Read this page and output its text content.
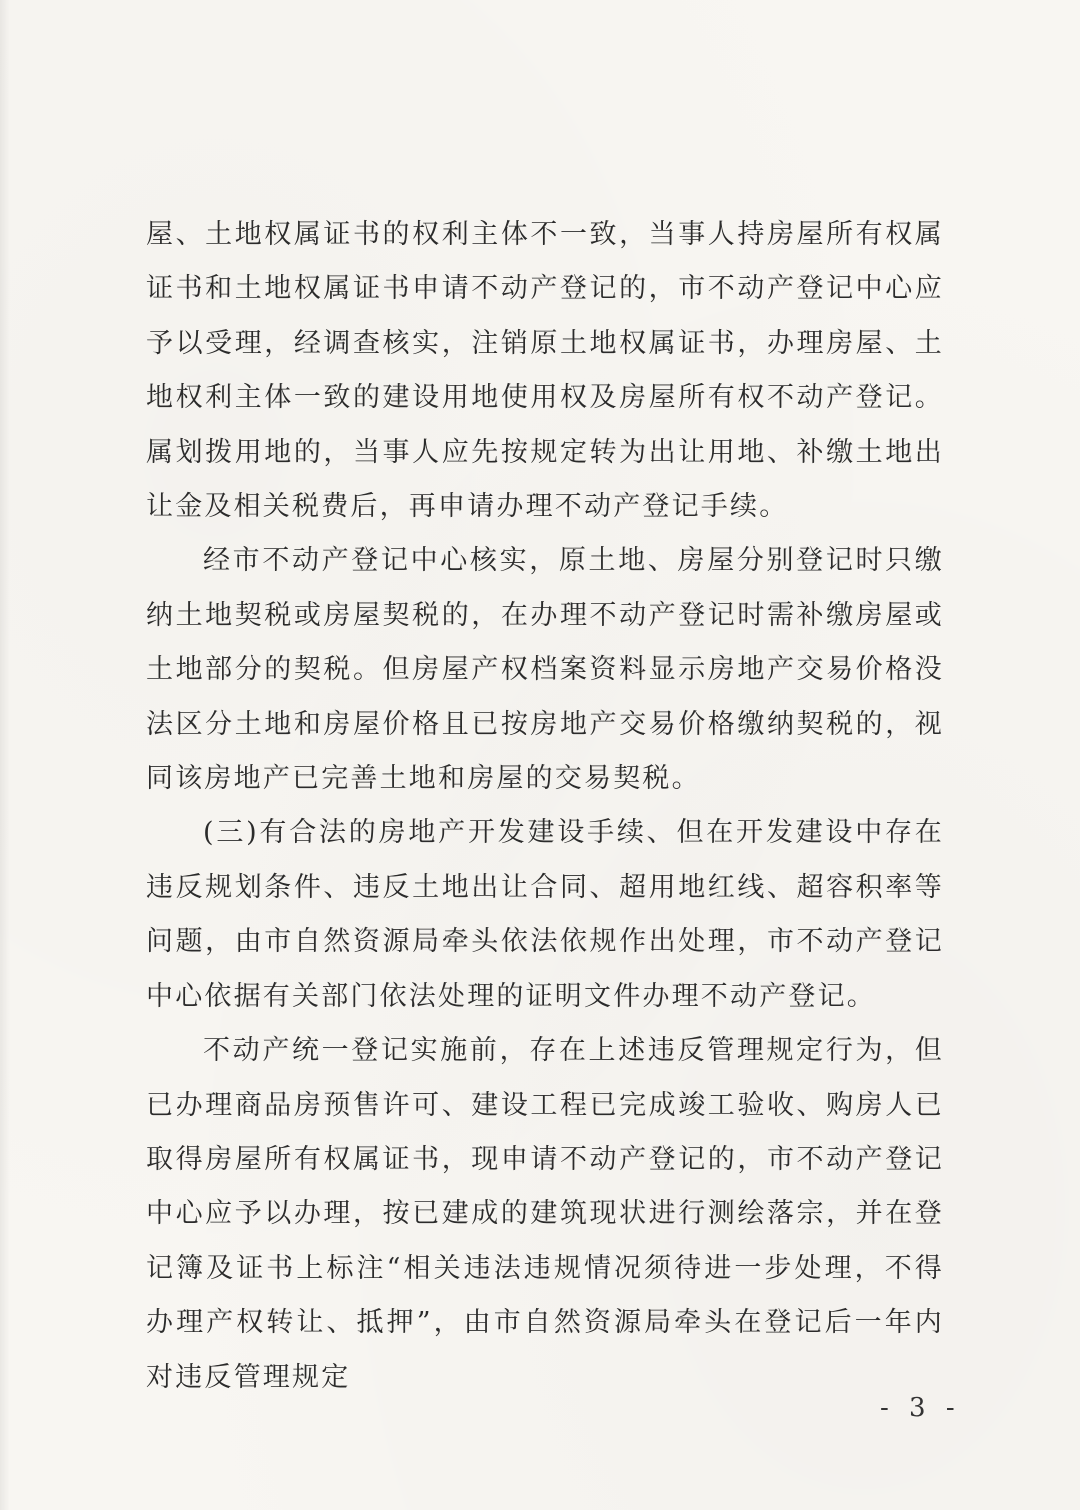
屋、土地权属证书的权利主体不一致，当事人持房屋所有权属证书和土地权属证书申请不动产登记的，市不动产登记中心应予以受理，经调查核实，注销原土地权属证书，办理房屋、土地权利主体一致的建设用地使用权及房屋所有权不动产登记。属划拨用地的，当事人应先按规定转为出让用地、补缴土地出让金及相关税费后，再申请办理不动产登记手续。

经市不动产登记中心核实，原土地、房屋分别登记时只缴纳土地契税或房屋契税的，在办理不动产登记时需补缴房屋或土地部分的契税。但房屋产权档案资料显示房地产交易价格没法区分土地和房屋价格且已按房地产交易价格缴纳契税的，视同该房地产已完善土地和房屋的交易契税。

(三)有合法的房地产开发建设手续、但在开发建设中存在违反规划条件、违反土地出让合同、超用地红线、超容积率等问题，由市自然资源局牵头依法依规作出处理，市不动产登记中心依据有关部门依法处理的证明文件办理不动产登记。

不动产统一登记实施前，存在上述违反管理规定行为，但已办理商品房预售许可、建设工程已完成竣工验收、购房人已取得房屋所有权属证书，现申请不动产登记的，市不动产登记中心应予以办理，按已建成的建筑现状进行测绘落宗，并在登记簿及证书上标注“相关违法违规情况须待进一步处理，不得办理产权转让、抵押”，由市自然资源局牵头在登记后一年内对违反管理规定

- 3 -
